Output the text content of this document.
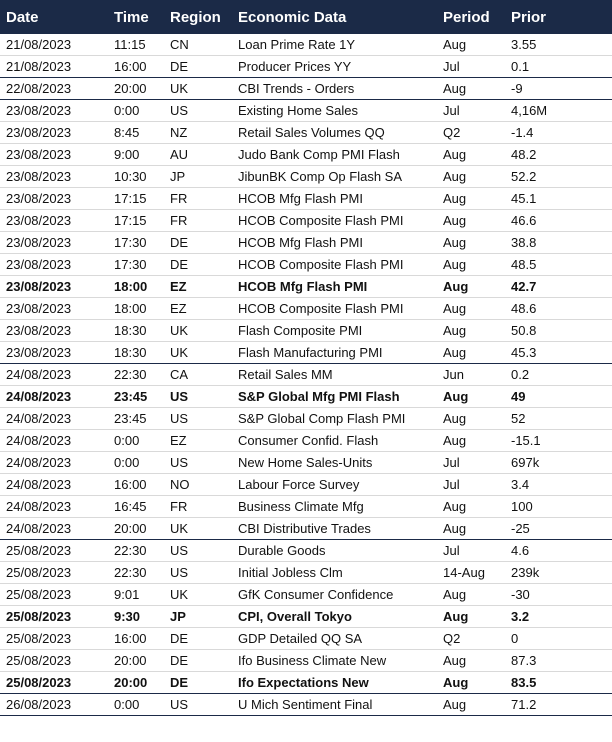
Date	Time	Region	Economic Data	Period	Prior
21/08/2023	11:15	CN	Loan Prime Rate 1Y	Aug	3.55
21/08/2023	16:00	DE	Producer Prices YY	Jul	0.1
22/08/2023	20:00	UK	CBI Trends - Orders	Aug	-9
23/08/2023	0:00	US	Existing Home Sales	Jul	4,16M
23/08/2023	8:45	NZ	Retail Sales Volumes QQ	Q2	-1.4
23/08/2023	9:00	AU	Judo Bank Comp PMI Flash	Aug	48.2
23/08/2023	10:30	JP	JibunBK Comp Op Flash SA	Aug	52.2
23/08/2023	17:15	FR	HCOB Mfg Flash PMI	Aug	45.1
23/08/2023	17:15	FR	HCOB Composite Flash PMI	Aug	46.6
23/08/2023	17:30	DE	HCOB Mfg Flash PMI	Aug	38.8
23/08/2023	17:30	DE	HCOB Composite Flash PMI	Aug	48.5
23/08/2023	18:00	EZ	HCOB Mfg Flash PMI	Aug	42.7
23/08/2023	18:00	EZ	HCOB Composite Flash PMI	Aug	48.6
23/08/2023	18:30	UK	Flash Composite PMI	Aug	50.8
23/08/2023	18:30	UK	Flash Manufacturing PMI	Aug	45.3
24/08/2023	22:30	CA	Retail Sales MM	Jun	0.2
24/08/2023	23:45	US	S&P Global Mfg PMI Flash	Aug	49
24/08/2023	23:45	US	S&P Global Comp Flash PMI	Aug	52
24/08/2023	0:00	EZ	Consumer Confid. Flash	Aug	-15.1
24/08/2023	0:00	US	New Home Sales-Units	Jul	697k
24/08/2023	16:00	NO	Labour Force Survey	Jul	3.4
24/08/2023	16:45	FR	Business Climate Mfg	Aug	100
24/08/2023	20:00	UK	CBI Distributive Trades	Aug	-25
25/08/2023	22:30	US	Durable Goods	Jul	4.6
25/08/2023	22:30	US	Initial Jobless Clm	14-Aug	239k
25/08/2023	9:01	UK	GfK Consumer Confidence	Aug	-30
25/08/2023	9:30	JP	CPI, Overall Tokyo	Aug	3.2
25/08/2023	16:00	DE	GDP Detailed QQ SA	Q2	0
25/08/2023	20:00	DE	Ifo Business Climate New	Aug	87.3
25/08/2023	20:00	DE	Ifo Expectations New	Aug	83.5
26/08/2023	0:00	US	U Mich Sentiment Final	Aug	71.2
